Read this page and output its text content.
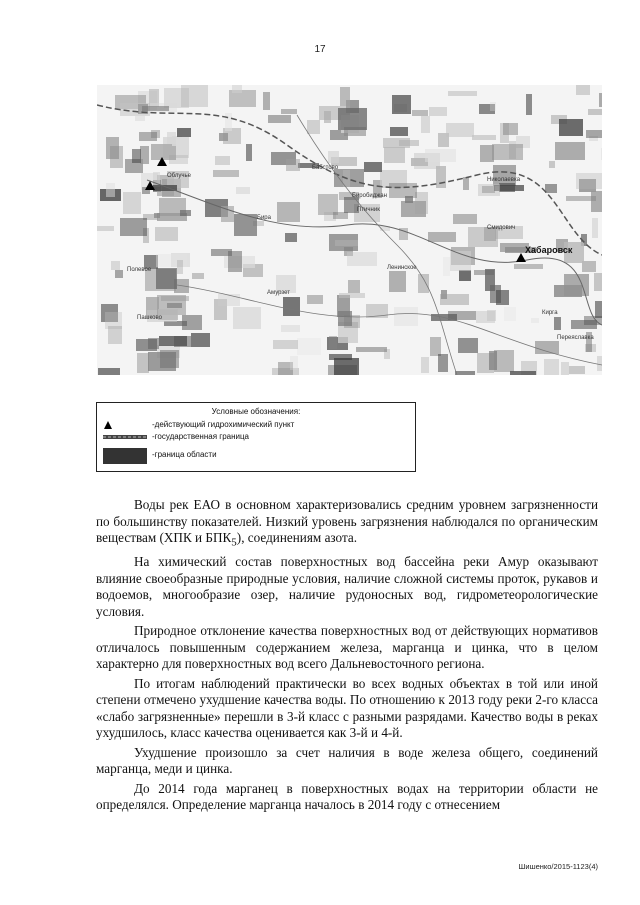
17
Хабаровск
Биробиджан
Облучье
Ленинское
Смидович
Амурзет
Птичник
Николаевка
Бира
Бабстово
Полевое
Пашково
Кирга
Переяславка
Условные обозначения:
-действующий гидрохимический пункт
-государственная граница
-граница области

Воды рек ЕАО в основном характеризовались средним уровнем загрязненности по большинству показателей. Низкий уровень загрязнения наблюдался по органическим веществам (ХПК и $БПК_5$), соединениям азота.

На химический состав поверхностных вод бассейна реки Амур оказывают влияние своеобразные природные условия, наличие сложной системы проток, рукавов и водоемов, многообразие озер, наличие рудоносных вод, гидрометеорологические условия.

Природное отклонение качества поверхностных вод от действующих нормативов отличалось повышенным содержанием железа, марганца и цинка, что в целом характерно для поверхностных вод всего Дальневосточного региона.

По итогам наблюдений практически во всех водных объектах в той или иной степени отмечено ухудшение качества воды. По отношению к 2013 году реки 2-го класса «слабо загрязненные» перешли в 3-й класс с разными разрядами. Качество воды в реках ухудшилось, класс качества оценивается как 3-й и 4-й.

Ухудшение произошло за счет наличия в воде железа общего, соединений марганца, меди и цинка.

До 2014 года марганец в поверхностных водах на территории области не определялся. Определение марганца началось в 2014 году с отнесением

Шишенко/2015-1123(4)
